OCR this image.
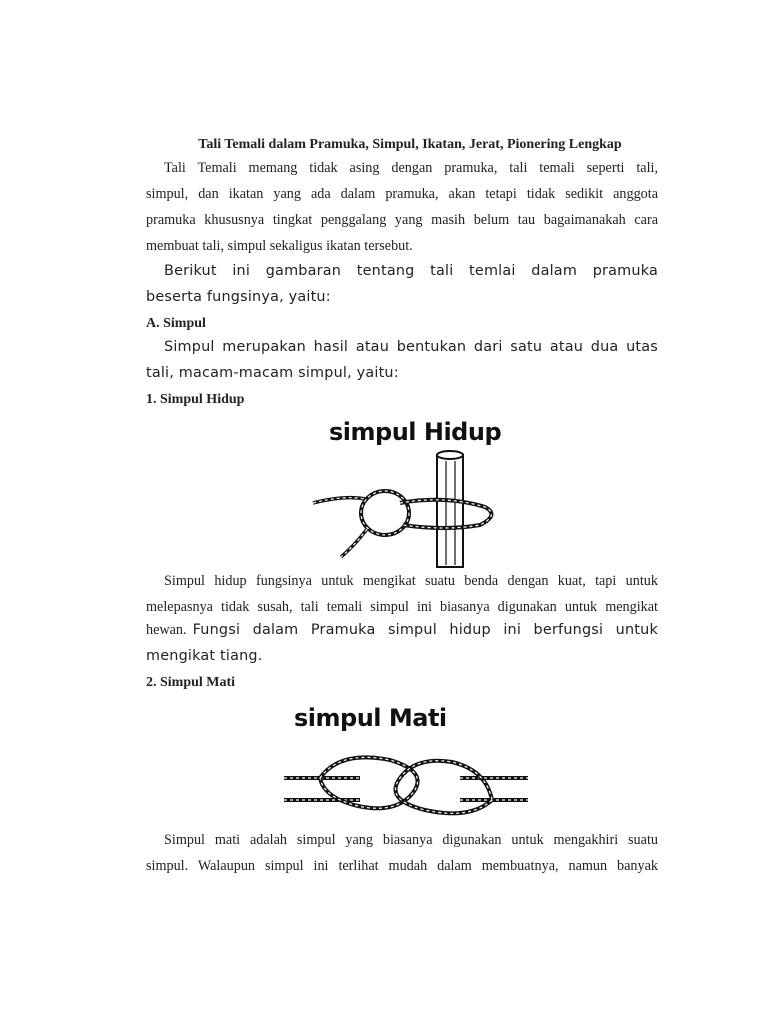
Tali Temali dalam Pramuka, Simpul, Ikatan, Jerat, Pionering Lengkap
Tali Temali memang tidak asing dengan pramuka, tali temali seperti tali,
simpul, dan ikatan yang ada dalam pramuka, akan tetapi tidak sedikit anggota
pramuka khususnya tingkat penggalang yang masih belum tau bagaimanakah cara
membuat tali, simpul sekaligus ikatan tersebut.
Berikut ini gambaran tentang tali temlai dalam pramuka
beserta fungsinya, yaitu:
A. Simpul
Simpul merupakan hasil atau bentukan dari satu atau dua utas
tali, macam-macam simpul, yaitu:
1. Simpul Hidup
simpul Hidup
Simpul hidup fungsinya untuk mengikat suatu benda dengan kuat, tapi untuk
melepasnya tidak susah, tali temali simpul ini biasanya digunakan untuk mengikat
hewan. Fungsi dalam Pramuka simpul hidup ini berfungsi untuk
mengikat tiang.
2. Simpul Mati
simpul Mati
Simpul mati adalah simpul yang biasanya digunakan untuk mengakhiri suatu
simpul. Walaupun simpul ini terlihat mudah dalam membuatnya, namun banyak
